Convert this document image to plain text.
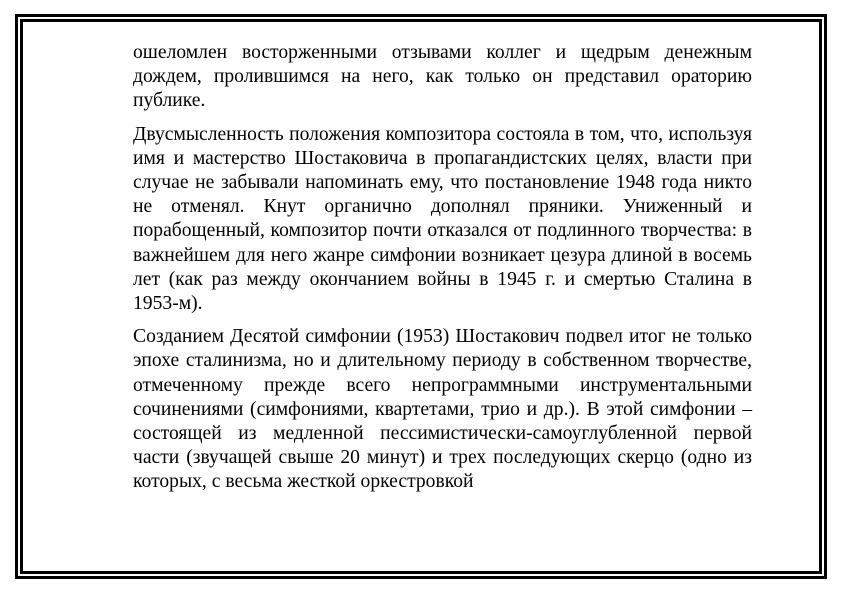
ошеломлен восторженными отзывами коллег и щедрым денежным дождем, пролившимся на него, как только он представил ораторию публике.

Двусмысленность положения композитора состояла в том, что, используя имя и мастерство Шостаковича в пропагандистских целях, власти при случае не забывали напоминать ему, что постановление 1948 года никто не отменял. Кнут органично дополнял пряники. Униженный и порабощенный, композитор почти отказался от подлинного творчества: в важнейшем для него жанре симфонии возникает цезура длиной в восемь лет (как раз между окончанием войны в 1945 г. и смертью Сталина в 1953-м).

Созданием Десятой симфонии (1953) Шостакович подвел итог не только эпохе сталинизма, но и длительному периоду в собственном творчестве, отмеченному прежде всего непрограммными инструментальными сочинениями (симфониями, квартетами, трио и др.). В этой симфонии – состоящей из медленной пессимистически-самоуглубленной первой части (звучащей свыше 20 минут) и трех последующих скерцо (одно из которых, с весьма жесткой оркестровкой
